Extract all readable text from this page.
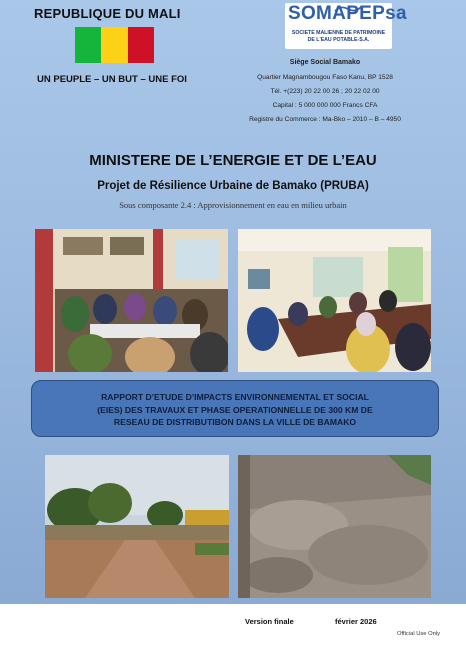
REPUBLIQUE DU MALI
UN PEUPLE – UN BUT – UNE FOI
SOMAPEPsa
SOCIETE MALIENNE DE PATRIMOINE
DE L'EAU POTABLE-S.A.
Siège Social Bamako
Quartier Magnambougou Faso Kanu, BP 1528
Tél. +(223) 20 22 00 26 ; 20 22 02 00
Capital : 5 000 000 000 Francs CFA
Registre du Commerce : Ma-Bko – 2010 – B – 4950
MINISTERE DE L’ENERGIE ET DE L’EAU
Projet de Résilience Urbaine de Bamako (PRUBA)
Sous composante 2.4 : Approvisionnement en eau en milieu urbain
RAPPORT D’ETUDE D’IMPACTS ENVIRONNEMENTAL ET SOCIAL
(EIES) DES TRAVAUX ET PHASE OPERATIONNELLE DE 300 KM DE
RESEAU DE DISTRIBUTIBON DANS LA VILLE DE BAMAKO
Version finale	février 2026
Official Use Only
